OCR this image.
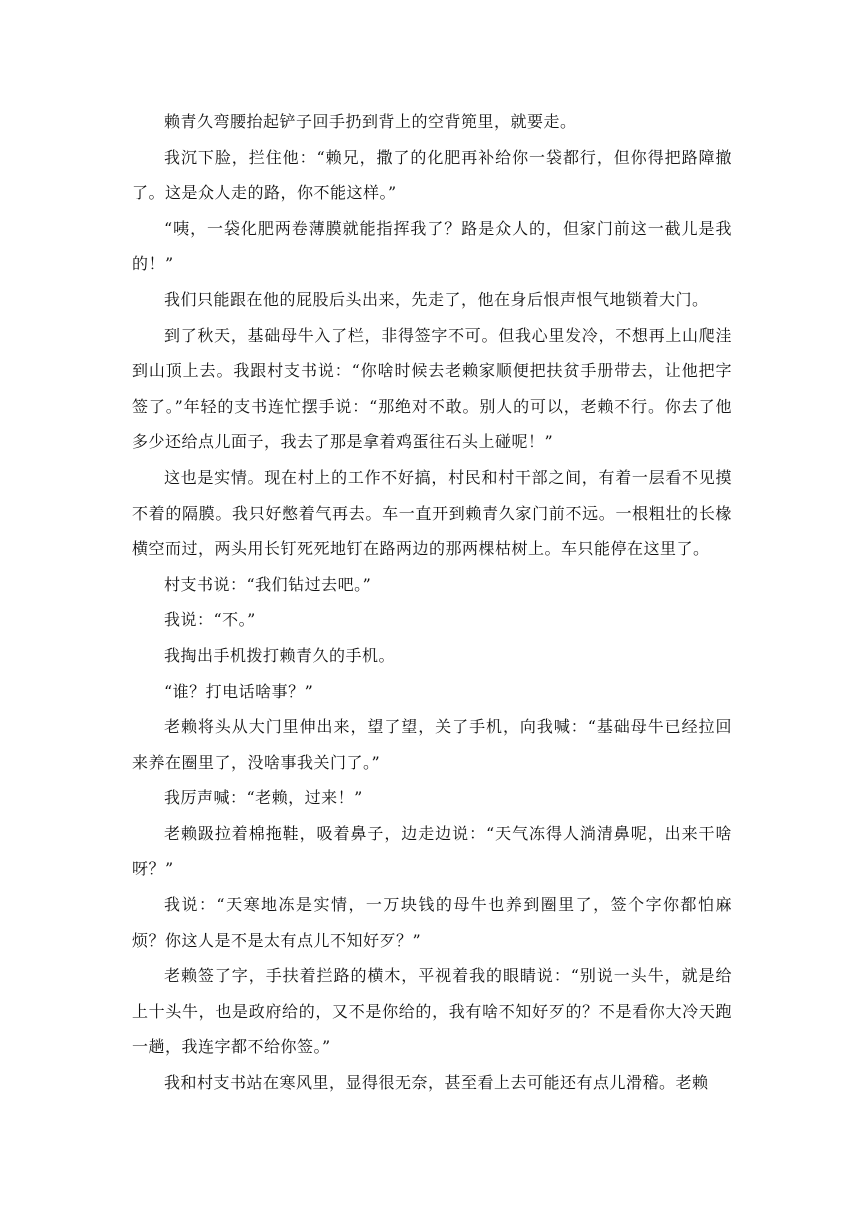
赖青久弯腰抬起铲子回手扔到背上的空背篼里，就要走。

我沉下脸，拦住他：“赖兄，撒了的化肥再补给你一袋都行，但你得把路障撤了。这是众人走的路，你不能这样。”

“咦，一袋化肥两卷薄膜就能指挥我了？路是众人的，但家门前这一截儿是我的！”

我们只能跟在他的屁股后头出来，先走了，他在身后恨声恨气地锁着大门。

到了秋天，基础母牛入了栏，非得签字不可。但我心里发冷，不想再上山爬洼到山顶上去。我跟村支书说：“你啥时候去老赖家顺便把扶贫手册带去，让他把字签了。”年轻的支书连忙摆手说：“那绝对不敢。别人的可以，老赖不行。你去了他多少还给点儿面子，我去了那是拿着鸡蛋往石头上碰呢！”

这也是实情。现在村上的工作不好搞，村民和村干部之间，有着一层看不见摸不着的隔膜。我只好憋着气再去。车一直开到赖青久家门前不远。一根粗壮的长椽横空而过，两头用长钉死死地钉在路两边的那两棵枯树上。车只能停在这里了。

村支书说：“我们钻过去吧。”

我说：“不。”

我掏出手机拨打赖青久的手机。

“谁？打电话啥事？”

老赖将头从大门里伸出来，望了望，关了手机，向我喊：“基础母牛已经拉回来养在圈里了，没啥事我关门了。”

我厉声喊：“老赖，过来！”

老赖趿拉着棉拖鞋，吸着鼻子，边走边说：“天气冻得人淌清鼻呢，出来干啥呀？”

我说：“天寒地冻是实情，一万块钱的母牛也养到圈里了，签个字你都怕麻烦？你这人是不是太有点儿不知好歹？”

老赖签了字，手扶着拦路的横木，平视着我的眼睛说：“别说一头牛，就是给上十头牛，也是政府给的，又不是你给的，我有啥不知好歹的？不是看你大冷天跑一趟，我连字都不给你签。”

我和村支书站在寒风里，显得很无奈，甚至看上去可能还有点儿滑稽。老赖
